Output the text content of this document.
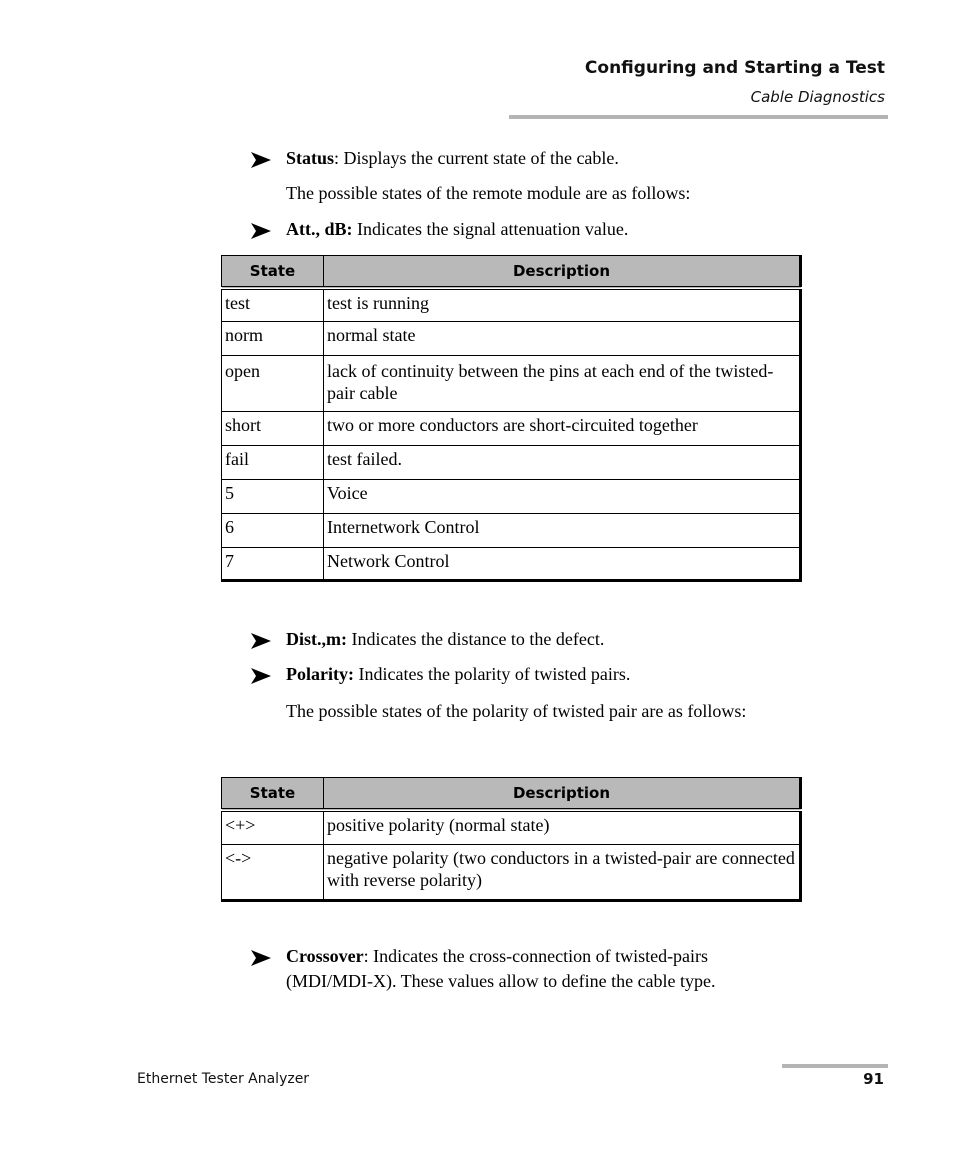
Configuring and Starting a Test
Cable Diagnostics
Status: Displays the current state of the cable.
The possible states of the remote module are as follows:
Att., dB: Indicates the signal attenuation value.
State	Description
test	test is running
norm	normal state
open	lack of continuity between the pins at each end of the twisted-pair cable
short	two or more conductors are short-circuited together
fail	test failed.
5	Voice
6	Internetwork Control
7	Network Control
Dist.,m: Indicates the distance to the defect.
Polarity: Indicates the polarity of twisted pairs.
The possible states of the polarity of twisted pair are as follows:
State	Description
<+>	positive polarity (normal state)
<->	negative polarity (two conductors in a twisted-pair are connected with reverse polarity)
Crossover: Indicates the cross-connection of twisted-pairs
(MDI/MDI-X). These values allow to define the cable type.
Ethernet Tester Analyzer	91
